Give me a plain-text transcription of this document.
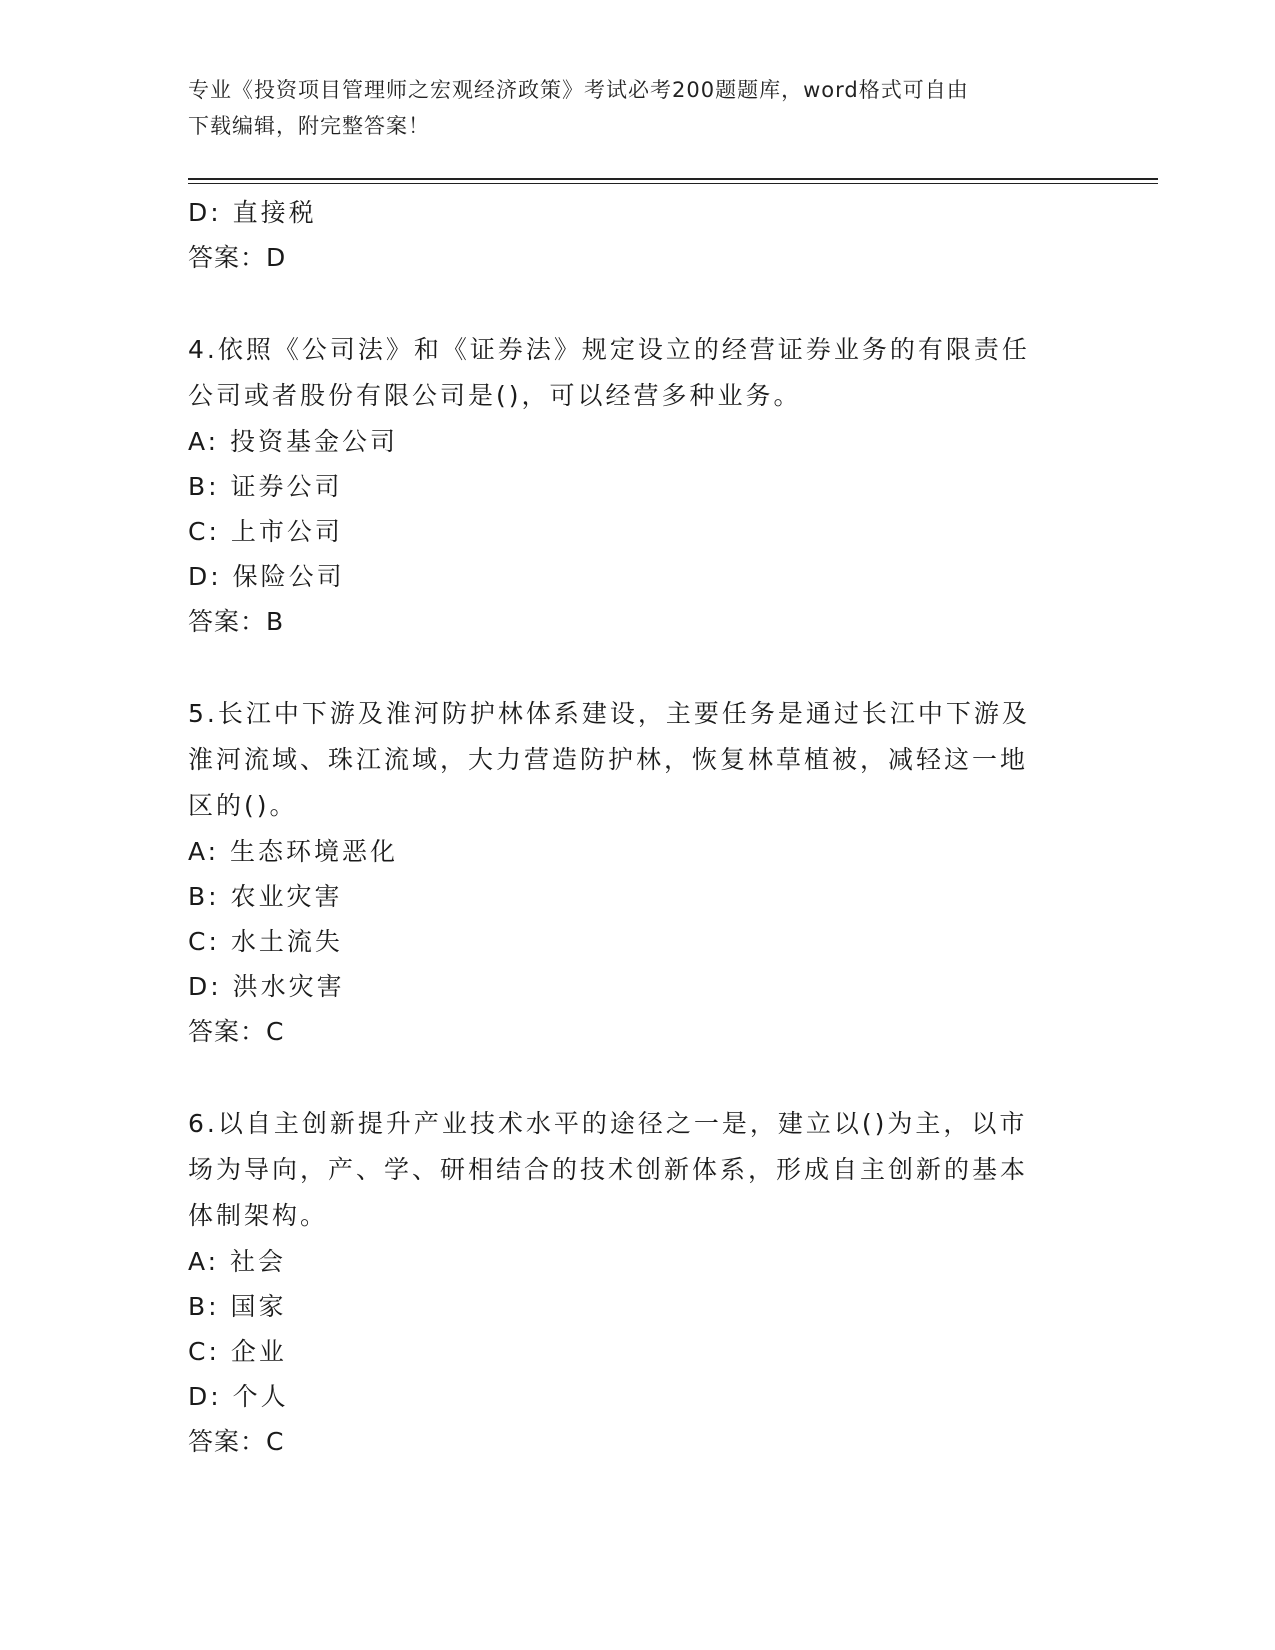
专业《投资项目管理师之宏观经济政策》考试必考200题题库，word格式可自由
下载编辑，附完整答案！
D: 直接税
答案：D
4.依照《公司法》和《证券法》规定设立的经营证券业务的有限责任
公司或者股份有限公司是()，可以经营多种业务。
A: 投资基金公司
B: 证券公司
C: 上市公司
D: 保险公司
答案：B
5.长江中下游及淮河防护林体系建设，主要任务是通过长江中下游及
淮河流域、珠江流域，大力营造防护林，恢复林草植被，减轻这一地
区的()。
A: 生态环境恶化
B: 农业灾害
C: 水土流失
D: 洪水灾害
答案：C
6.以自主创新提升产业技术水平的途径之一是，建立以()为主，以市
场为导向，产、学、研相结合的技术创新体系，形成自主创新的基本
体制架构。
A: 社会
B: 国家
C: 企业
D: 个人
答案：C
